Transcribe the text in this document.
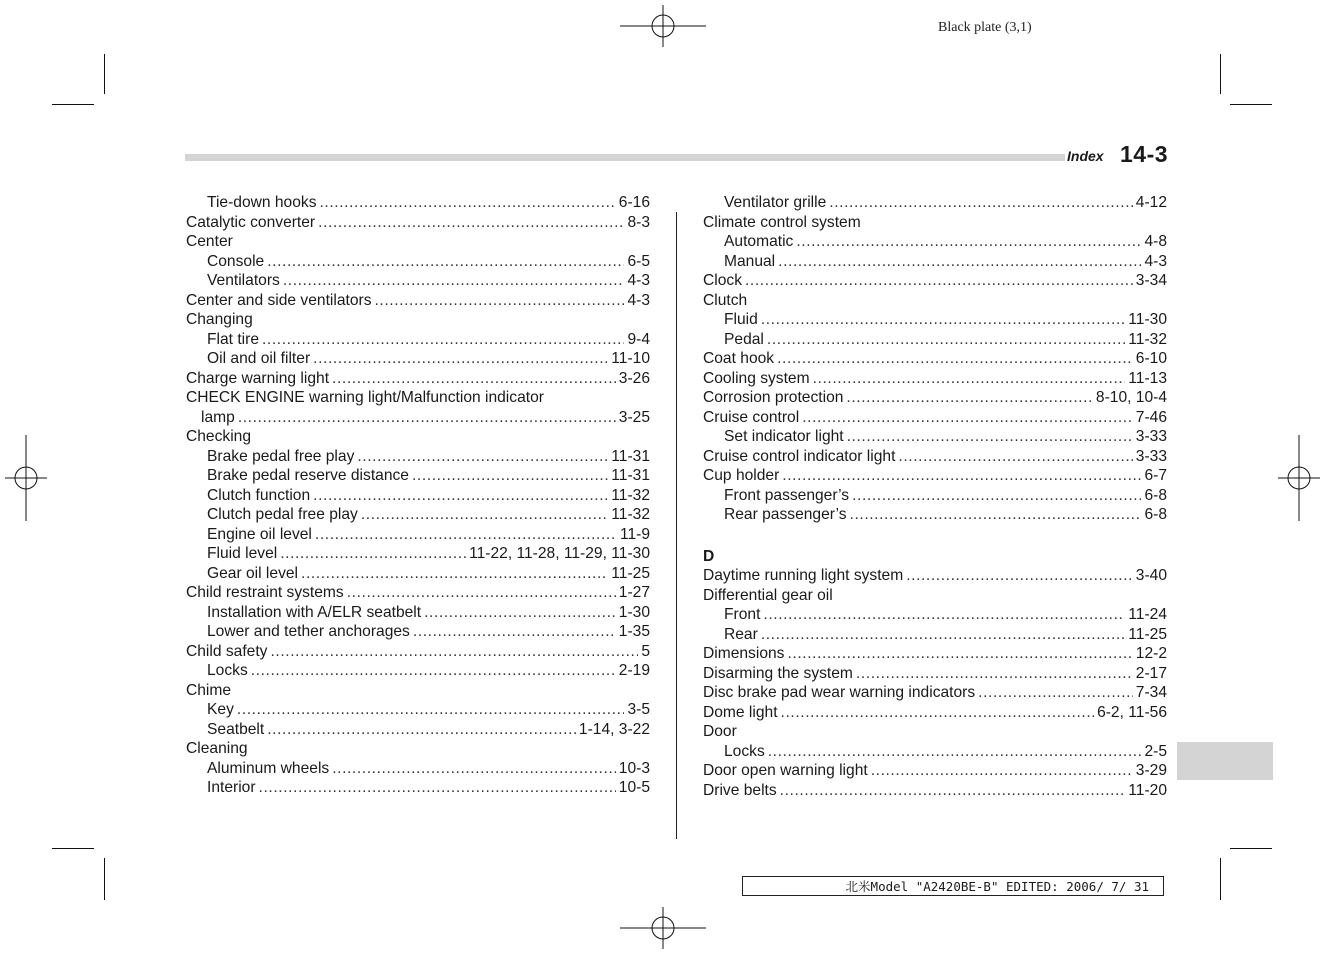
Black plate (3,1)
Index 14-3
Tie-down hooks .....	6-16
Catalytic converter .....	8-3
Center
Console .....	6-5
Ventilators .....	4-3
Center and side ventilators .....	4-3
Changing
Flat tire .....	9-4
Oil and oil filter .....	11-10
Charge warning light .....	3-26
CHECK ENGINE warning light/Malfunction indicator
lamp .....	3-25
Checking
Brake pedal free play .....	11-31
Brake pedal reserve distance .....	11-31
Clutch function .....	11-32
Clutch pedal free play .....	11-32
Engine oil level .....	11-9
Fluid level .....	11-22, 11-28, 11-29, 11-30
Gear oil level .....	11-25
Child restraint systems .....	1-27
Installation with A/ELR seatbelt .....	1-30
Lower and tether anchorages .....	1-35
Child safety .....	5
Locks .....	2-19
Chime
Key .....	3-5
Seatbelt .....	1-14, 3-22
Cleaning
Aluminum wheels .....	10-3
Interior .....	10-5
Ventilator grille .....	4-12
Climate control system
Automatic .....	4-8
Manual .....	4-3
Clock .....	3-34
Clutch
Fluid .....	11-30
Pedal .....	11-32
Coat hook .....	6-10
Cooling system .....	11-13
Corrosion protection .....	8-10, 10-4
Cruise control .....	7-46
Set indicator light .....	3-33
Cruise control indicator light .....	3-33
Cup holder .....	6-7
Front passenger’s .....	6-8
Rear passenger’s .....	6-8
D
Daytime running light system .....	3-40
Differential gear oil
Front .....	11-24
Rear .....	11-25
Dimensions .....	12-2
Disarming the system .....	2-17
Disc brake pad wear warning indicators .....	7-34
Dome light .....	6-2, 11-56
Door
Locks .....	2-5
Door open warning light .....	3-29
Drive belts .....	11-20
北米Model "A2420BE-B" EDITED: 2006/ 7/ 31
